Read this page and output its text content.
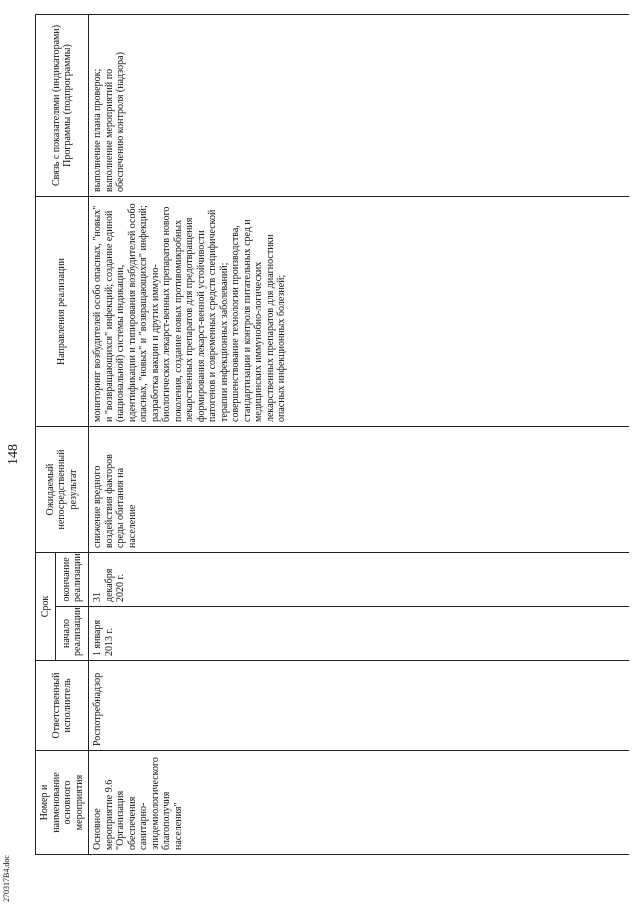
148
270317В4.doc
Номер и наименование основного мероприятия	Ответственный исполнитель	Срок		Ожидаемый непосредственный результат	Направления реализации	Связь с показателями (индикаторами) Программы (подпрограммы)
		начало реализации	окончание реализации			
Основное мероприятие 9.6 "Организация обеспечения санитарно-эпидемиологического благополучия населения"	Роспотребнадзор	1 января 2013 г.	31 декабря 2020 г.	снижение вредного воздействия факторов среды обитания на население	мониторинг возбудителей особо опасных, "новых" и "возвращающихся" инфекций; создание единой (национальной) системы индикации, идентификации и типирования возбудителей особо опасных, "новых" и "возвращающихся" инфекций;
разработка вакцин и других иммуно-биологических лекарст-венных препаратов нового поколения, создание новых противомикробных лекарственных препаратов для предотвращения формирования лекарст-венной устойчивости патогенов и современных средств специфической терапии инфекционных заболеваний;
совершенствование технологии производства, стандартизации и контроля питательных сред и медицинских иммунобио-логических лекарственных препаратов для диагностики опасных инфекционных болезней;	выполнение плана проверок; выполнение мероприятий по обеспечению контроля (надзора)
